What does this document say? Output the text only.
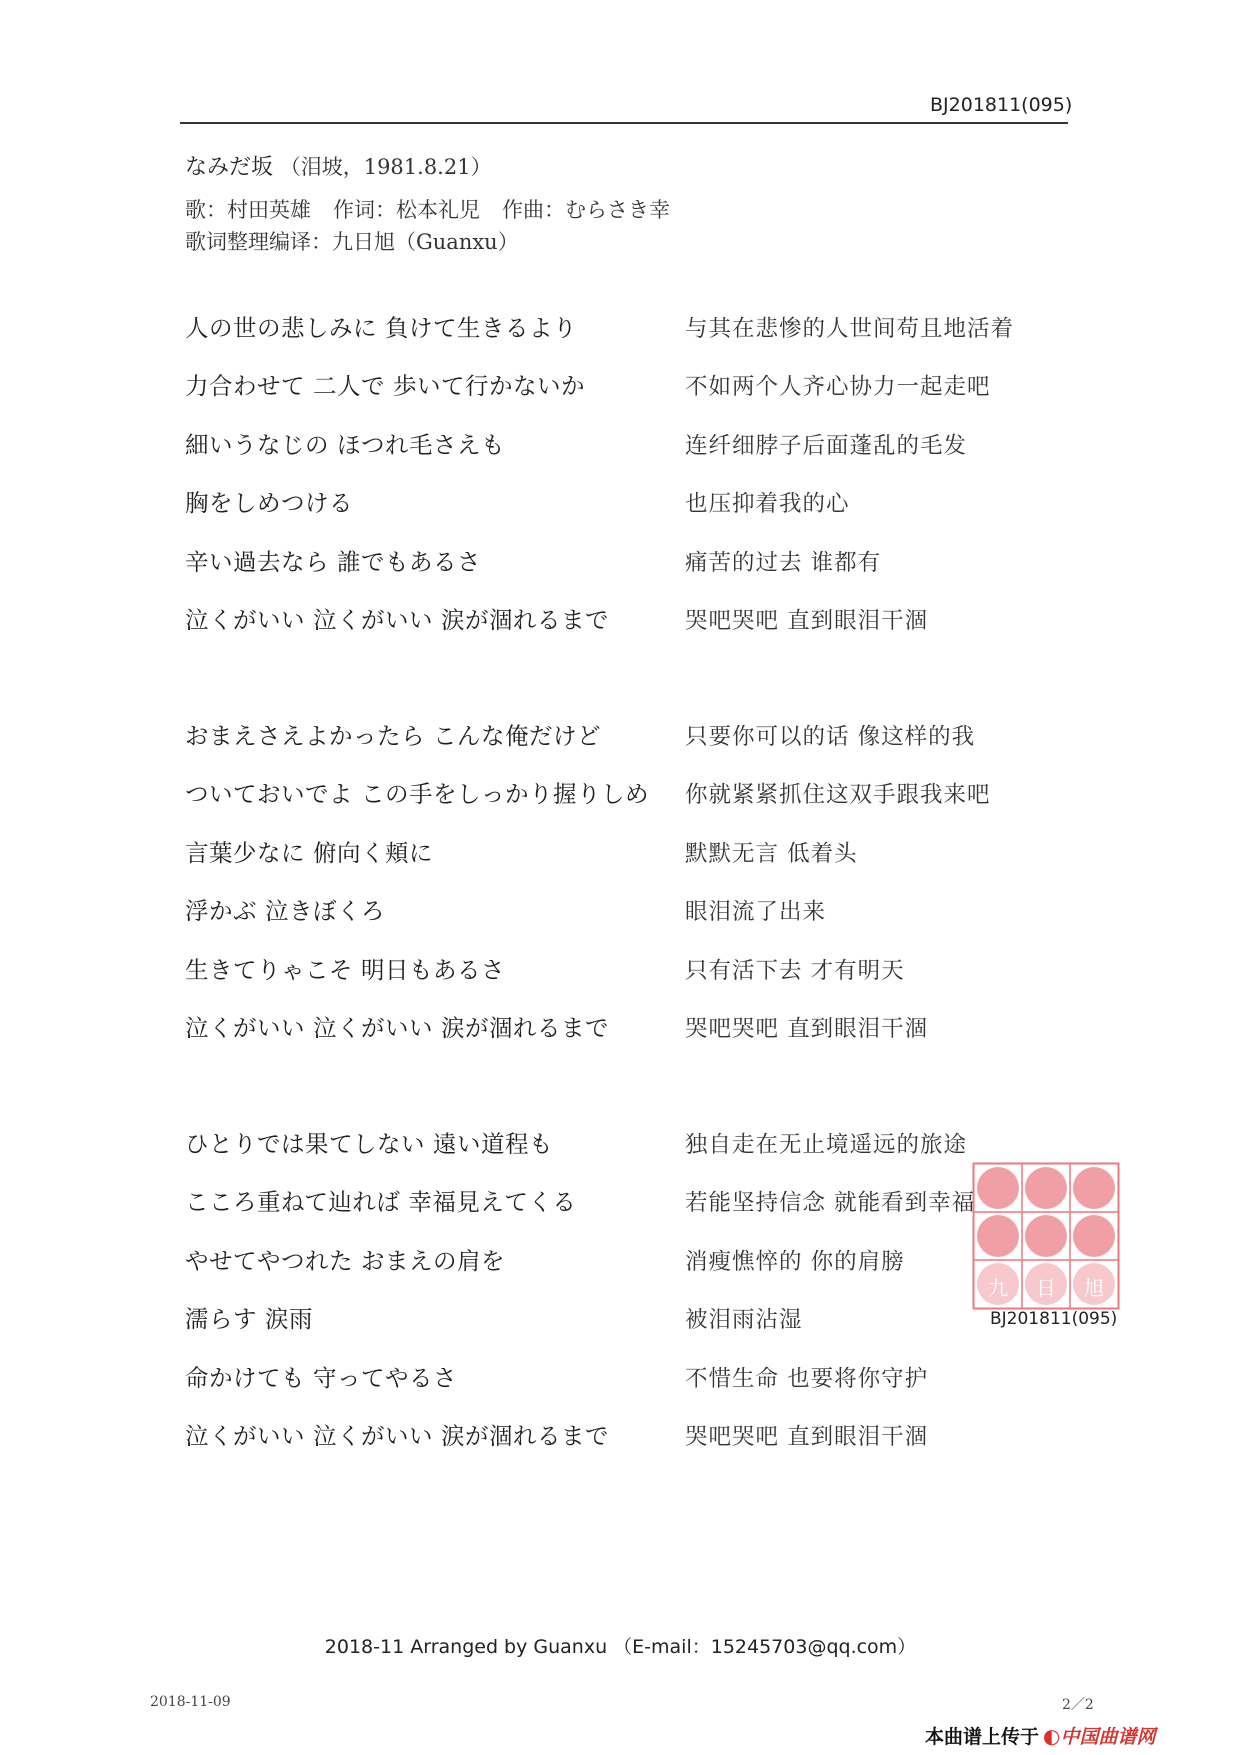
BJ201811(095)
なみだ坂 （泪坡，1981.8.21）
歌：村田英雄 作词：松本礼児 作曲：むらさき幸
歌词整理编译：九日旭（Guanxu）
人の世の悲しみに 負けて生きるより	与其在悲惨的人世间苟且地活着
力合わせて 二人で 歩いて行かないか	不如两个人齐心协力一起走吧
細いうなじの ほつれ毛さえも	连纤细脖子后面蓬乱的毛发
胸をしめつける	也压抑着我的心
辛い過去なら 誰でもあるさ	痛苦的过去 谁都有
泣くがいい 泣くがいい 涙が涸れるまで	哭吧哭吧 直到眼泪干涸
おまえさえよかったら こんな俺だけど	只要你可以的话 像这样的我
ついておいでよ この手をしっかり握りしめ 你就紧紧抓住这双手跟我来吧
言葉少なに 俯向く頬に	默默无言 低着头
浮かぶ 泣きぼくろ	眼泪流了出来
生きてりゃこそ 明日もあるさ	只有活下去 才有明天
泣くがいい 泣くがいい 涙が涸れるまで	哭吧哭吧 直到眼泪干涸
ひとりでは果てしない 遠い道程も	独自走在无止境遥远的旅途
こころ重ねて辿れば 幸福見えてくる	若能坚持信念 就能看到幸福
やせてやつれた おまえの肩を	消瘦憔悴的 你的肩膀
濡らす 涙雨	被泪雨沾湿
命かけても 守ってやるさ	不惜生命 也要将你守护
泣くがいい 泣くがいい 涙が涸れるまで	哭吧哭吧 直到眼泪干涸
九 日 旭
BJ201811(095)
2018-11 Arranged by Guanxu （E-mail：15245703@qq.com）
2018-11-09	2／2
本曲谱上传于 ◐中国曲谱网
